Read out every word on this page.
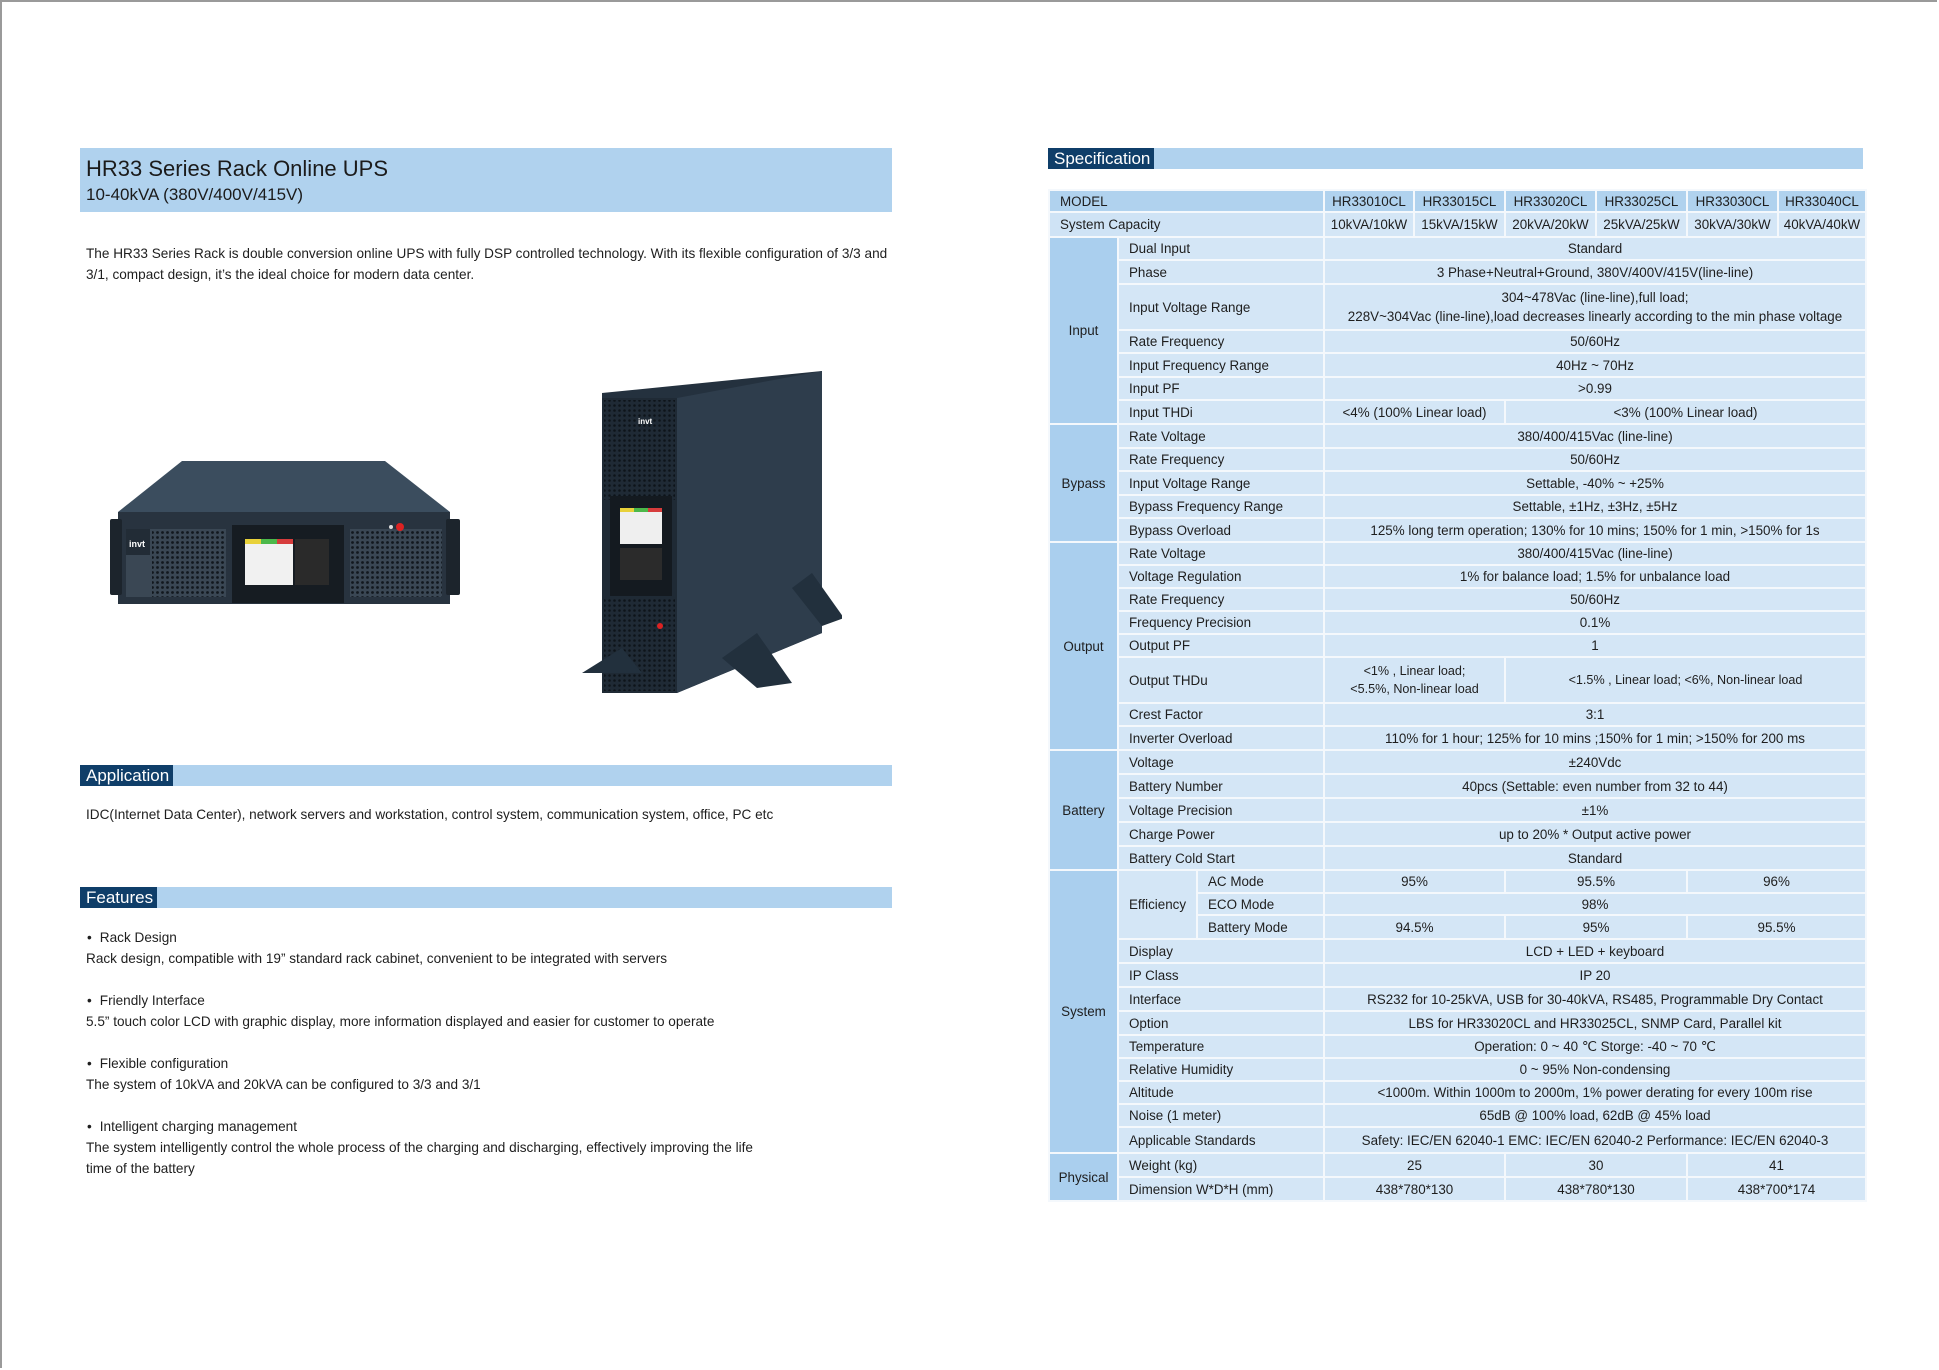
HR33 Series Rack Online UPS
10-40kVA (380V/400V/415V)
The HR33 Series Rack is double conversion online UPS with fully DSP controlled technology. With its flexible configuration of 3/3 and 3/1, compact design, it’s the ideal choice for modern data center.
invt
invt
Application
IDC(Internet Data Center), network servers and workstation, control system, communication system, office, PC etc
Features
• Rack Design
Rack design, compatible with 19” standard rack cabinet, convenient to be integrated with servers
• Friendly Interface
5.5” touch color LCD with graphic display, more information displayed and easier for customer to operate
• Flexible configuration
The system of 10kVA and 20kVA can be configured to 3/3 and 3/1
• Intelligent charging management
The system intelligently control the whole process of the charging and discharging, effectively improving the life time of the battery
Specification
MODEL			HR33010CL	HR33015CL	HR33020CL	HR33025CL	HR33030CL	HR33040CL
System Capacity			10kVA/10kW	15kVA/15kW	20kVA/20kW	25kVA/25kW	30kVA/30kW	40kVA/40kW
Input	Dual Input		Standard					
	Phase		3 Phase+Neutral+Ground, 380V/400V/415V(line-line)					
	Input Voltage Range		304~478Vac (line-line),full load;
228V~304Vac (line-line),load decreases linearly according to the min phase voltage					

	Rate Frequency		50/60Hz					
	Input Frequency Range		40Hz ~ 70Hz					
	Input PF		>0.99					
	Input THDi		<4% (100% Linear load)		<3% (100% Linear load)			
Bypass	Rate Voltage		380/400/415Vac (line-line)					
	Rate Frequency		50/60Hz					
	Input Voltage Range		Settable, -40% ~ +25%					
	Bypass Frequency Range		Settable, ±1Hz, ±3Hz, ±5Hz					
	Bypass Overload		125% long term operation; 130% for 10 mins; 150% for 1 min, >150% for 1s					
Output	Rate Voltage		380/400/415Vac (line-line)					
	Voltage Regulation		1% for balance load; 1.5% for unbalance load					
	Rate Frequency		50/60Hz					
	Frequency Precision		0.1%					
	Output PF		1					
	Output THDu		<1% , Linear load;
<5.5%, Non-linear load		<1.5% , Linear load; <6%, Non-linear load			
	Crest Factor		3:1					
	Inverter Overload		110% for 1 hour; 125% for 10 mins ;150% for 1 min; >150% for 200 ms					
Battery	Voltage		±240Vdc					
	Battery Number		40pcs (Settable: even number from 32 to 44)					
	Voltage Precision		±1%					
	Charge Power		up to 20% * Output active power					
	Battery Cold Start		Standard					
System	Efficiency	AC Mode	95%		95.5%		96%	
		ECO Mode	98%					
		Battery Mode	94.5%		95%		95.5%	
	Display		LCD + LED + keyboard					
	IP Class		IP 20					
	Interface		RS232 for 10-25kVA, USB for 30-40kVA, RS485, Programmable Dry Contact					
	Option		LBS for HR33020CL and HR33025CL, SNMP Card, Parallel kit					
	Temperature		Operation: 0 ~ 40 ℃ Storge: -40 ~ 70 ℃					
	Relative Humidity		0 ~ 95% Non-condensing					
	Altitude		<1000m. Within 1000m to 2000m, 1% power derating for every 100m rise					
	Noise (1 meter)		65dB @ 100% load, 62dB @ 45% load					
	Applicable Standards		Safety: IEC/EN 62040-1 EMC: IEC/EN 62040-2 Performance: IEC/EN 62040-3					
Physical	Weight (kg)		25		30		41	
	Dimension W*D*H (mm)		438*780*130		438*780*130		438*700*174	
